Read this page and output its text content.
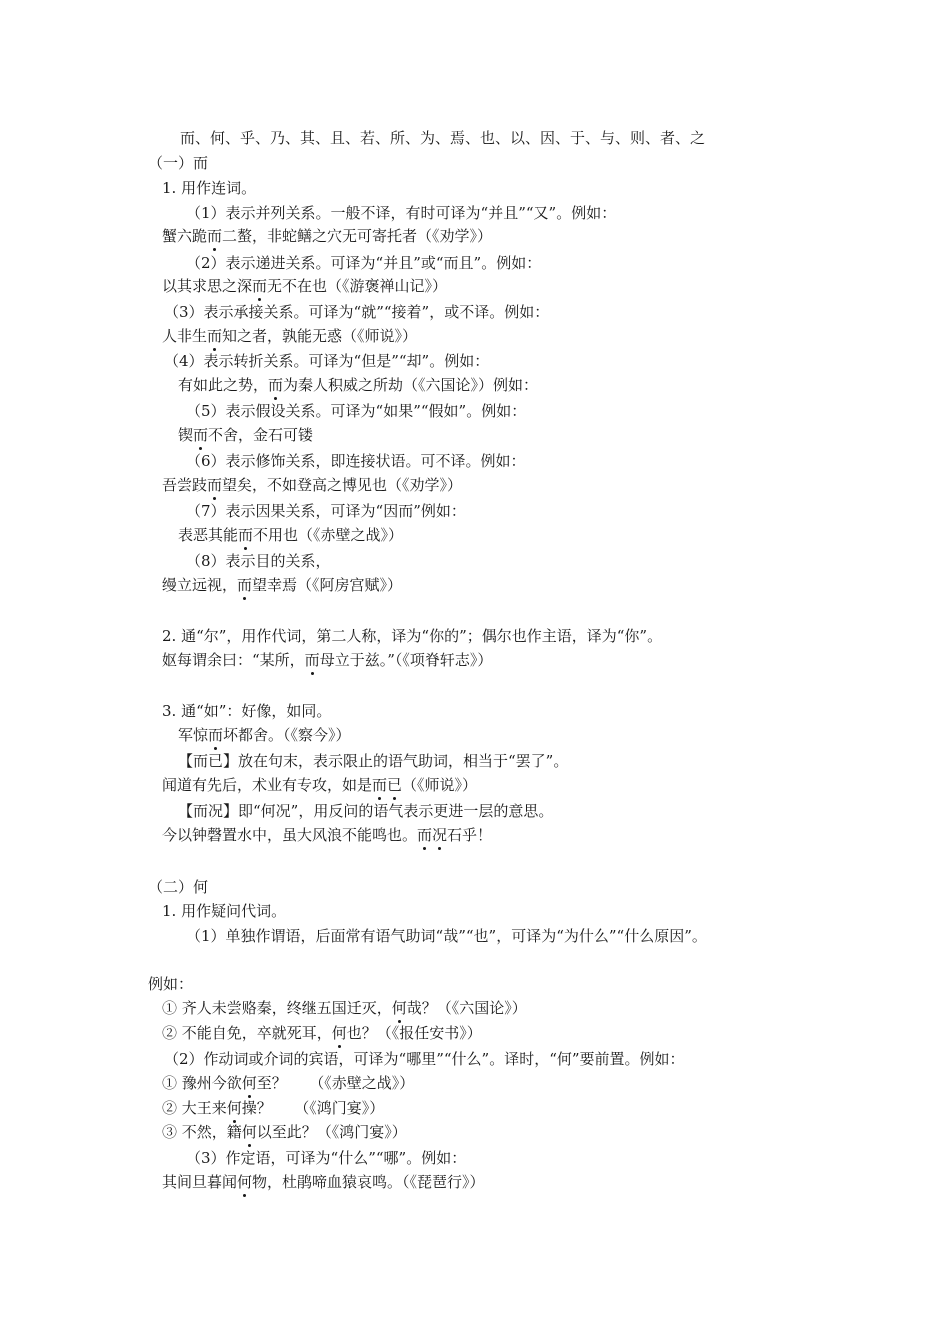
而、何、乎、乃、其、且、若、所、为、焉、也、以、因、于、与、则、者、之
（一）而
1. 用作连词。
（1）表示并列关系。一般不译，有时可译为“并且”“又”。例如：
蟹六跪而二螯，非蛇鳝之穴无可寄托者（《劝学》）
（2）表示递进关系。可译为“并且”或“而且”。例如：
以其求思之深而无不在也（《游褒禅山记》）
（3）表示承接关系。可译为“就”“接着”，或不译。例如：
人非生而知之者，孰能无惑（《师说》）
（4）表示转折关系。可译为“但是”“却”。例如：
有如此之势，而为秦人积威之所劫（《六国论》）例如：
（5）表示假设关系。可译为“如果”“假如”。例如：
锲而不舍，金石可镂
（6）表示修饰关系，即连接状语。可不译。例如：
吾尝跂而望矣，不如登高之博见也（《劝学》）
（7）表示因果关系，可译为“因而”例如：
表恶其能而不用也（《赤壁之战》）
（8）表示目的关系，
缦立远视，而望幸焉（《阿房宫赋》）
2. 通“尔”，用作代词，第二人称，译为“你的”；偶尔也作主语，译为“你”。
妪每谓余曰：“某所，而母立于兹。”（《项脊轩志》）
3. 通“如”：好像，如同。
军惊而坏都舍。（《察今》）
【而已】放在句末，表示限止的语气助词，相当于“罢了”。
闻道有先后，术业有专攻，如是而已（《师说》）
【而况】即“何况”，用反问的语气表示更进一层的意思。
今以钟磬置水中，虽大风浪不能鸣也。而况石乎！
（二）何
1. 用作疑问代词。
（1）单独作谓语，后面常有语气助词“哉”“也”，可译为“为什么”“什么原因”。
例如：
① 齐人未尝赂秦，终继五国迁灭，何哉？（《六国论》）
② 不能自免，卒就死耳，何也？（《报任安书》）
（2）作动词或介词的宾语，可译为“哪里”“什么”。译时，“何”要前置。例如：
① 豫州今欲何至？　　（《赤壁之战》）
② 大王来何操？　　（《鸿门宴》）
③ 不然，籍何以至此？（《鸿门宴》）
（3）作定语，可译为“什么”“哪”。例如：
其间旦暮闻何物，杜鹃啼血猿哀鸣。（《琵琶行》）
